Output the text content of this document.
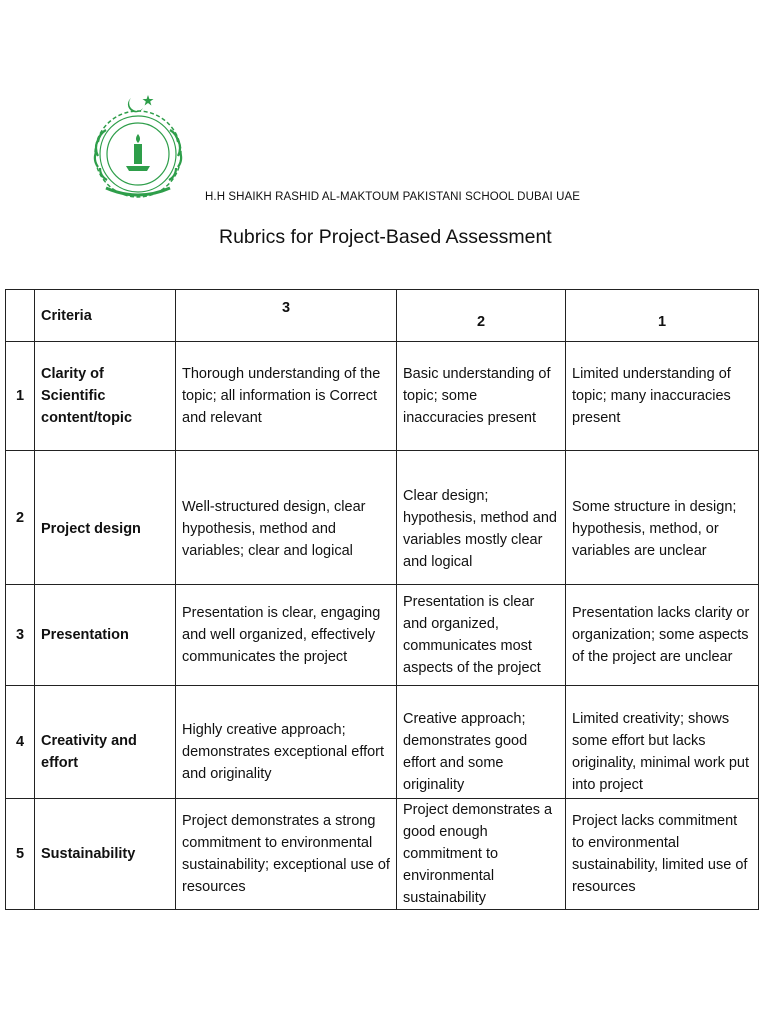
H.H SHAIKH RASHID AL-MAKTOUM PAKISTANI SCHOOL DUBAI UAE
Rubrics for Project-Based Assessment
	Criteria	3	2	1
1	Clarity of Scientific content/topic	Thorough understanding of the topic; all information is Correct and relevant	Basic understanding of topic; some inaccuracies present	Limited understanding of topic; many inaccuracies present
2	Project design	Well-structured design, clear hypothesis, method and variables; clear and logical	Clear design; hypothesis, method and variables mostly clear and logical	Some structure in design; hypothesis, method, or variables are unclear
3	Presentation	Presentation is clear, engaging and well organized, effectively communicates the project	Presentation is clear and organized, communicates most aspects of the project	Presentation lacks clarity or organization; some aspects of the project are unclear
4	Creativity and effort	Highly creative approach; demonstrates exceptional effort and originality	Creative approach; demonstrates good effort and some originality	Limited creativity; shows some effort but lacks originality, minimal work put into project
5	Sustainability	Project demonstrates a strong commitment to environmental sustainability; exceptional use of resources	Project demonstrates a good enough commitment to environmental sustainability	Project lacks commitment to environmental sustainability, limited use of resources
